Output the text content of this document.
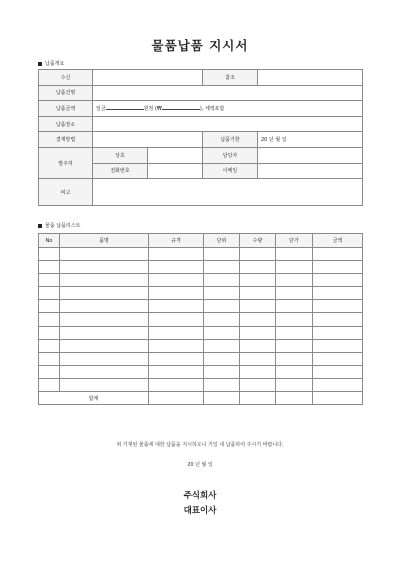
물품납품 지시서
납품개요
수신			참조	
납품건명				
납품금액	일금 원정 (₩ ), 세액포함			
납품장소				
결재방법			납품기한	20 년 월 일
발주처	상호		담당자	
	전화번호		이메일	
비고				
물품 납품리스트
No	품명	규격	단위	수량	단가	금액

합계						
위 기재된 물품에 대한 납품을 지시하오니 기일 내 납품하여 주시기 바랍니다.
20 년 월 일
주식회사
대표이사
